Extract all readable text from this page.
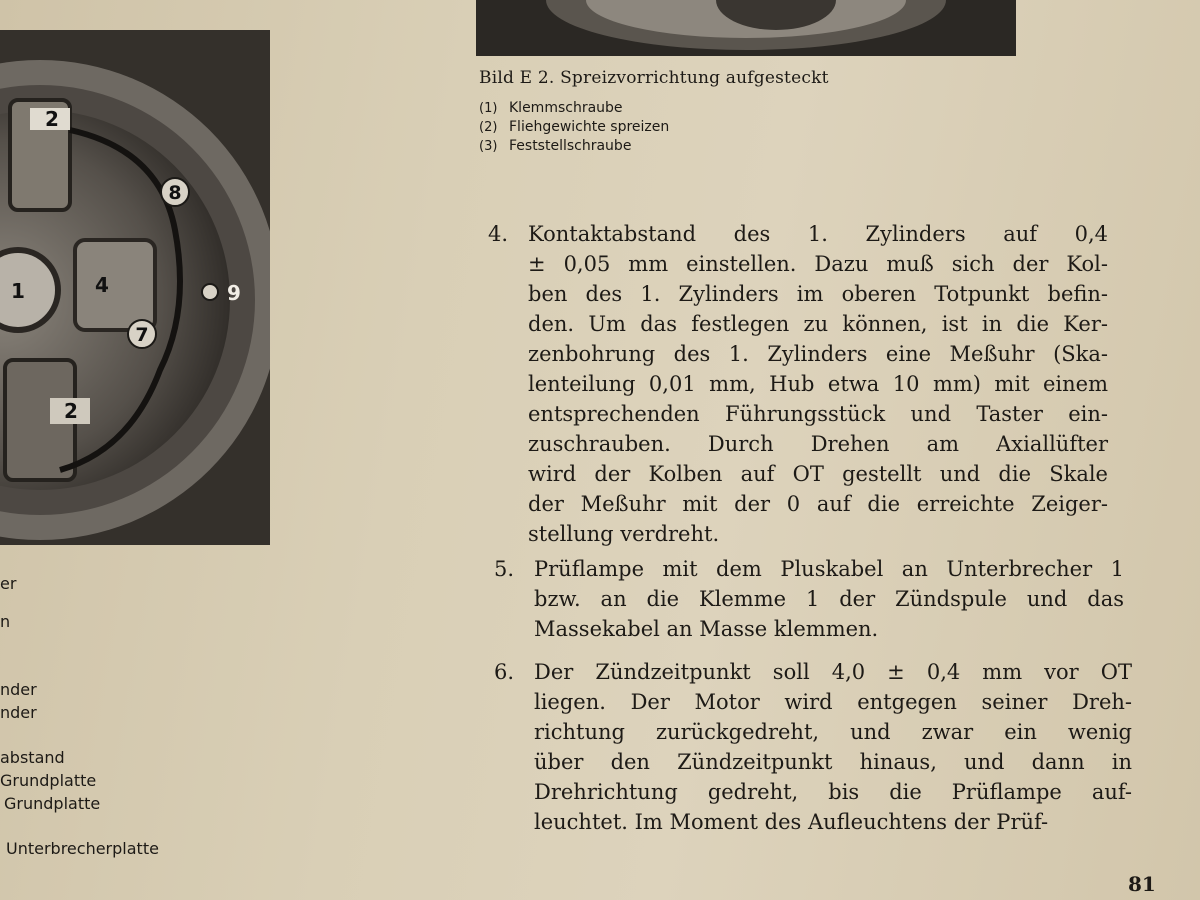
2
8
1	4	9
7
2
Bild E 2. Spreizvorrichtung aufgesteckt
(1) Klemmschraube
(2) Fliehgewichte spreizen
(3) Feststellschraube
er
n
nder
nder
abstand
Grundplatte
Grundplatte
Unterbrecherplatte
4. Kontaktabstand des 1. Zylinders auf 0,4
± 0,05 mm einstellen. Dazu muß sich der Kol-
ben des 1. Zylinders im oberen Totpunkt befin-
den. Um das festlegen zu können, ist in die Ker-
zenbohrung des 1. Zylinders eine Meßuhr (Ska-
lenteilung 0,01 mm, Hub etwa 10 mm) mit einem
entsprechenden Führungsstück und Taster ein-
zuschrauben. Durch Drehen am Axiallüfter
wird der Kolben auf OT gestellt und die Skale
der Meßuhr mit der 0 auf die erreichte Zeiger-
stellung verdreht.
5. Prüflampe mit dem Pluskabel an Unterbrecher 1
bzw. an die Klemme 1 der Zündspule und das
Massekabel an Masse klemmen.
6. Der Zündzeitpunkt soll 4,0 ± 0,4 mm vor OT
liegen. Der Motor wird entgegen seiner Dreh-
richtung zurückgedreht, und zwar ein wenig
über den Zündzeitpunkt hinaus, und dann in
Drehrichtung gedreht, bis die Prüflampe auf-
leuchtet. Im Moment des Aufleuchtens der Prüf-
81
